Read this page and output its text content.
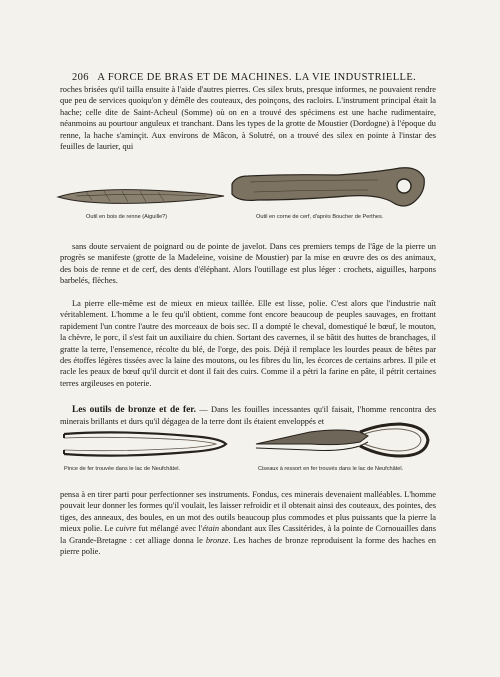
206 A FORCE DE BRAS ET DE MACHINES. LA VIE INDUSTRIELLE.

roches brisées qu'il tailla ensuite à l'aide d'autres pierres. Ces silex bruts, presque informes, ne pouvaient rendre que peu de services quoiqu'on y démêle des couteaux, des poinçons, des racloirs. L'instrument principal était la hache; celle dite de Saint-Acheul (Somme) où on en a trouvé des spécimens est une hache rudimentaire, néanmoins au pourtour anguleux et tranchant. Dans les types de la grotte de Moustier (Dordogne) à l'époque du renne, la hache s'aminçit. Aux environs de Mâcon, à Solutré, on a trouvé des silex en pointe à l'instar des feuilles de laurier, qui

Outil en bois de renne (Aiguille?)	Outil en corne de cerf, d'après Boucher de Perthes.

sans doute servaient de poignard ou de pointe de javelot. Dans ces premiers temps de l'âge de la pierre un progrès se manifeste (grotte de la Madeleine, voisine de Moustier) par la mise en œuvre des os des animaux, des bois de renne et de cerf, des dents d'éléphant. Alors l'outillage est plus léger : crochets, aiguilles, harpons barbelés, flèches.

La pierre elle-même est de mieux en mieux taillée. Elle est lisse, polie. C'est alors que l'industrie naît véritablement. L'homme a le feu qu'il obtient, comme font encore beaucoup de peuples sauvages, en frottant rapidement l'un contre l'autre des morceaux de bois sec. Il a dompté le cheval, domestiqué le bœuf, le mouton, la chèvre, le porc, il s'est fait un auxiliaire du chien. Sortant des cavernes, il se bâtit des huttes de branchages, il gratte la terre, l'ensemence, récolte du blé, de l'orge, des pois. Déjà il remplace les lourdes peaux de bêtes par des étoffes légères tissées avec la laine des moutons, ou les fibres du lin, les écorces de certains arbres. Il pile et racle les peaux de bœuf qu'il durcit et dont il fait des cuirs. Comme il a pétri la farine en pâte, il pétrit certaines terres argileuses en poterie.

Les outils de bronze et de fer. — Dans les fouilles incessantes qu'il faisait, l'homme rencontra des minerais brillants et durs qu'il dégagea de la terre dont ils étaient enveloppés et

Pince de fer trouvée dans le lac de Neufchâtel.	Ciseaux à ressort en fer trouvés dans le lac de Neufchâtel.

pensa à en tirer parti pour perfectionner ses instruments. Fondus, ces minerais devenaient malléables. L'homme pouvait leur donner les formes qu'il voulait, les laisser refroidir et il obtenait ainsi des couteaux, des pointes, des tiges, des anneaux, des boules, en un mot des outils beaucoup plus commodes et plus puissants que la pierre la mieux polie. Le cuivre fut mélangé avec l'étain abondant aux îles Cassitérides, à la pointe de Cornouailles dans la Grande-Bretagne : cet alliage donna le bronze. Les haches de bronze reproduisent la forme des haches en pierre polie.
